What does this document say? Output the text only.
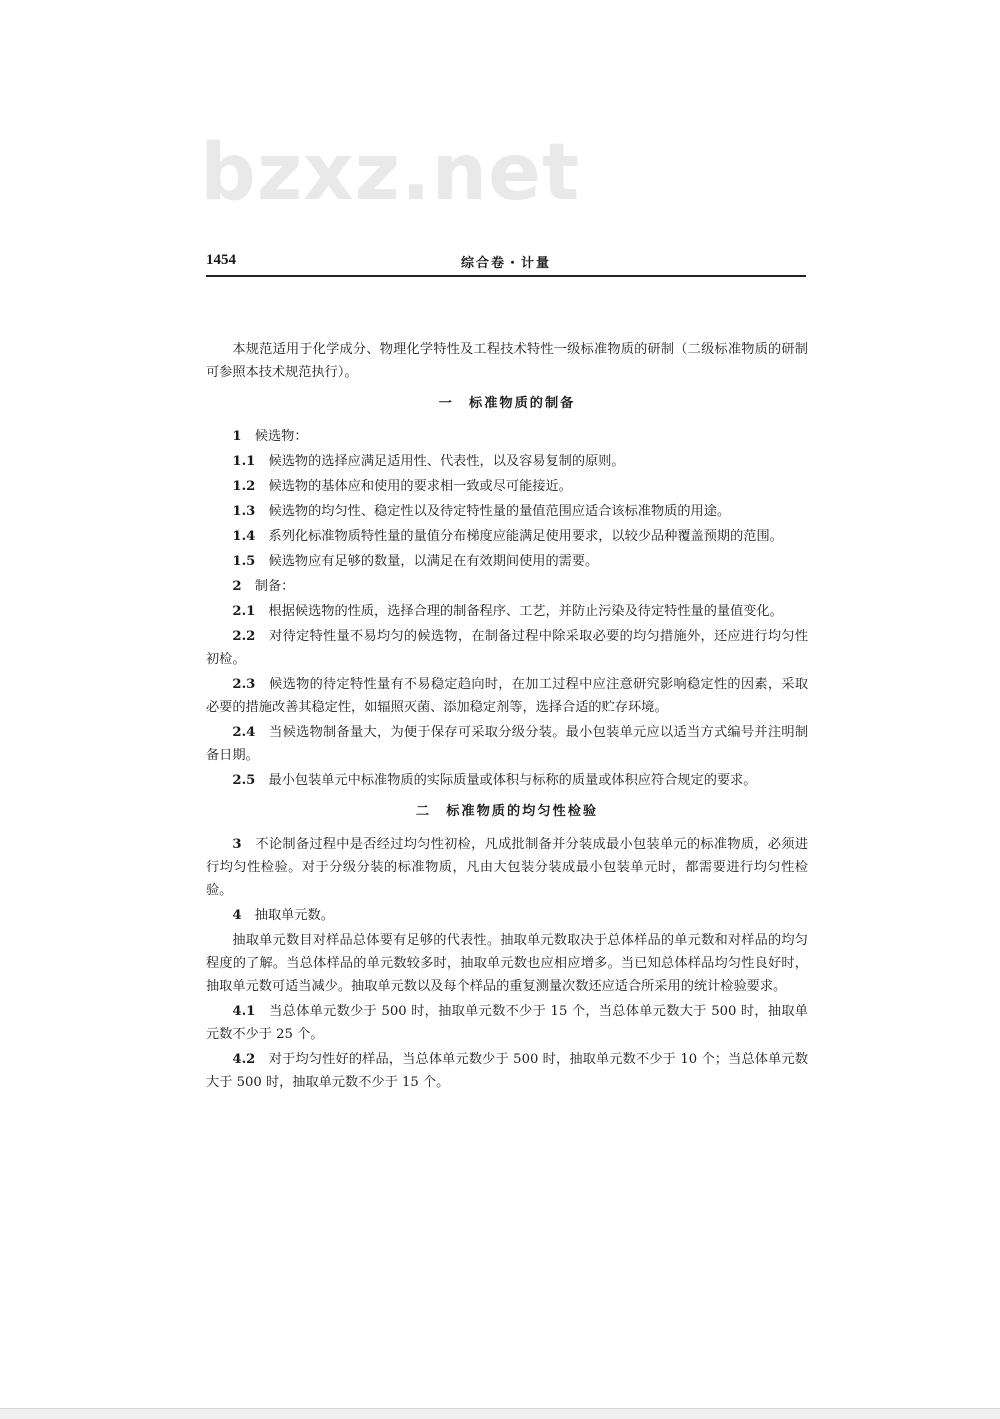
bzxz.net
1454	综合卷・计量

本规范适用于化学成分、物理化学特性及工程技术特性一级标准物质的研制（二级标准物质的研制可参照本技术规范执行）。

一　标准物质的制备

1　 候选物：

1.1　 候选物的选择应满足适用性、代表性，以及容易复制的原则。

1.2　 候选物的基体应和使用的要求相一致或尽可能接近。

1.3　 候选物的均匀性、稳定性以及待定特性量的量值范围应适合该标准物质的用途。

1.4　 系列化标准物质特性量的量值分布梯度应能满足使用要求，以较少品种覆盖预期的范围。

1.5　 候选物应有足够的数量，以满足在有效期间使用的需要。

2　 制备：

2.1　 根据候选物的性质，选择合理的制备程序、工艺，并防止污染及待定特性量的量值变化。

2.2　 对待定特性量不易均匀的候选物，在制备过程中除采取必要的均匀措施外，还应进行均匀性初检。

2.3　 候选物的待定特性量有不易稳定趋向时，在加工过程中应注意研究影响稳定性的因素，采取必要的措施改善其稳定性，如辐照灭菌、添加稳定剂等，选择合适的贮存环境。

2.4　 当候选物制备量大，为便于保存可采取分级分装。最小包装单元应以适当方式编号并注明制备日期。

2.5　 最小包装单元中标准物质的实际质量或体积与标称的质量或体积应符合规定的要求。

二　标准物质的均匀性检验

3　 不论制备过程中是否经过均匀性初检，凡成批制备并分装成最小包装单元的标准物质，必须进行均匀性检验。对于分级分装的标准物质，凡由大包装分装成最小包装单元时，都需要进行均匀性检验。

4　 抽取单元数。

抽取单元数目对样品总体要有足够的代表性。抽取单元数取决于总体样品的单元数和对样品的均匀程度的了解。当总体样品的单元数较多时，抽取单元数也应相应增多。当已知总体样品均匀性良好时，抽取单元数可适当减少。抽取单元数以及每个样品的重复测量次数还应适合所采用的统计检验要求。

4.1　 当总体单元数少于 500 时，抽取单元数不少于 15 个，当总体单元数大于 500 时，抽取单元数不少于 25 个。

4.2　 对于均匀性好的样品，当总体单元数少于 500 时，抽取单元数不少于 10 个；当总体单元数大于 500 时，抽取单元数不少于 15 个。
